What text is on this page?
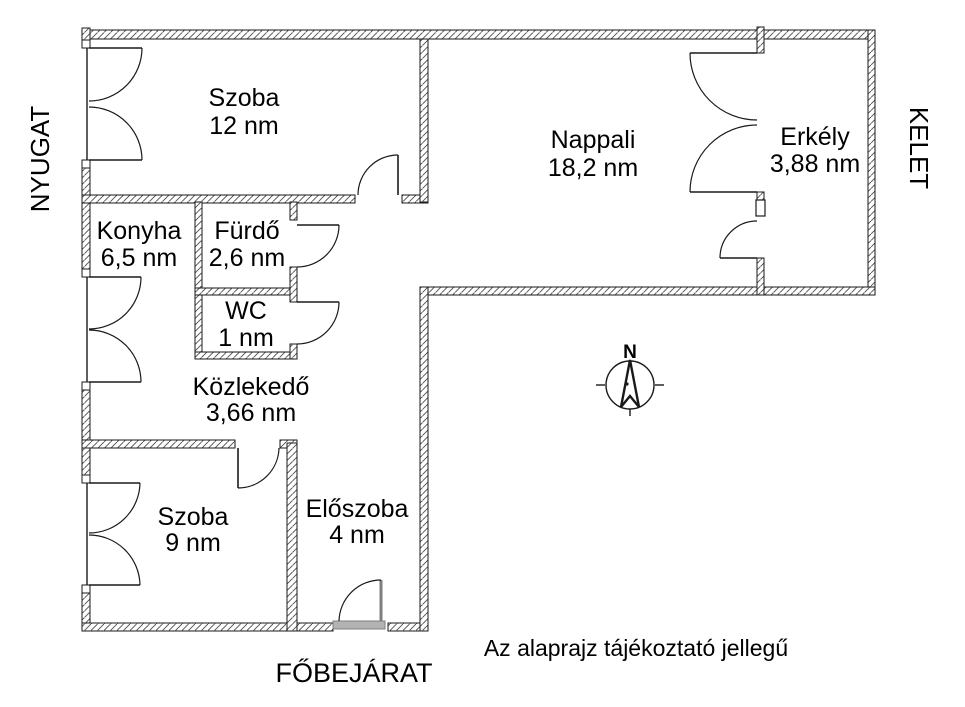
N
Szoba
12 nm	Nappali
18,2 nm
Erkély
3,88 nm
Konyha
6,5 nm
Fürdő
2,6 nm
WC
1 nm
Közlekedő
3,66 nm
Szoba
9 nm
Előszoba
4 nm
NYUGAT	KELET
FŐBEJÁRAT
Az alaprajz tájékoztató jellegű
